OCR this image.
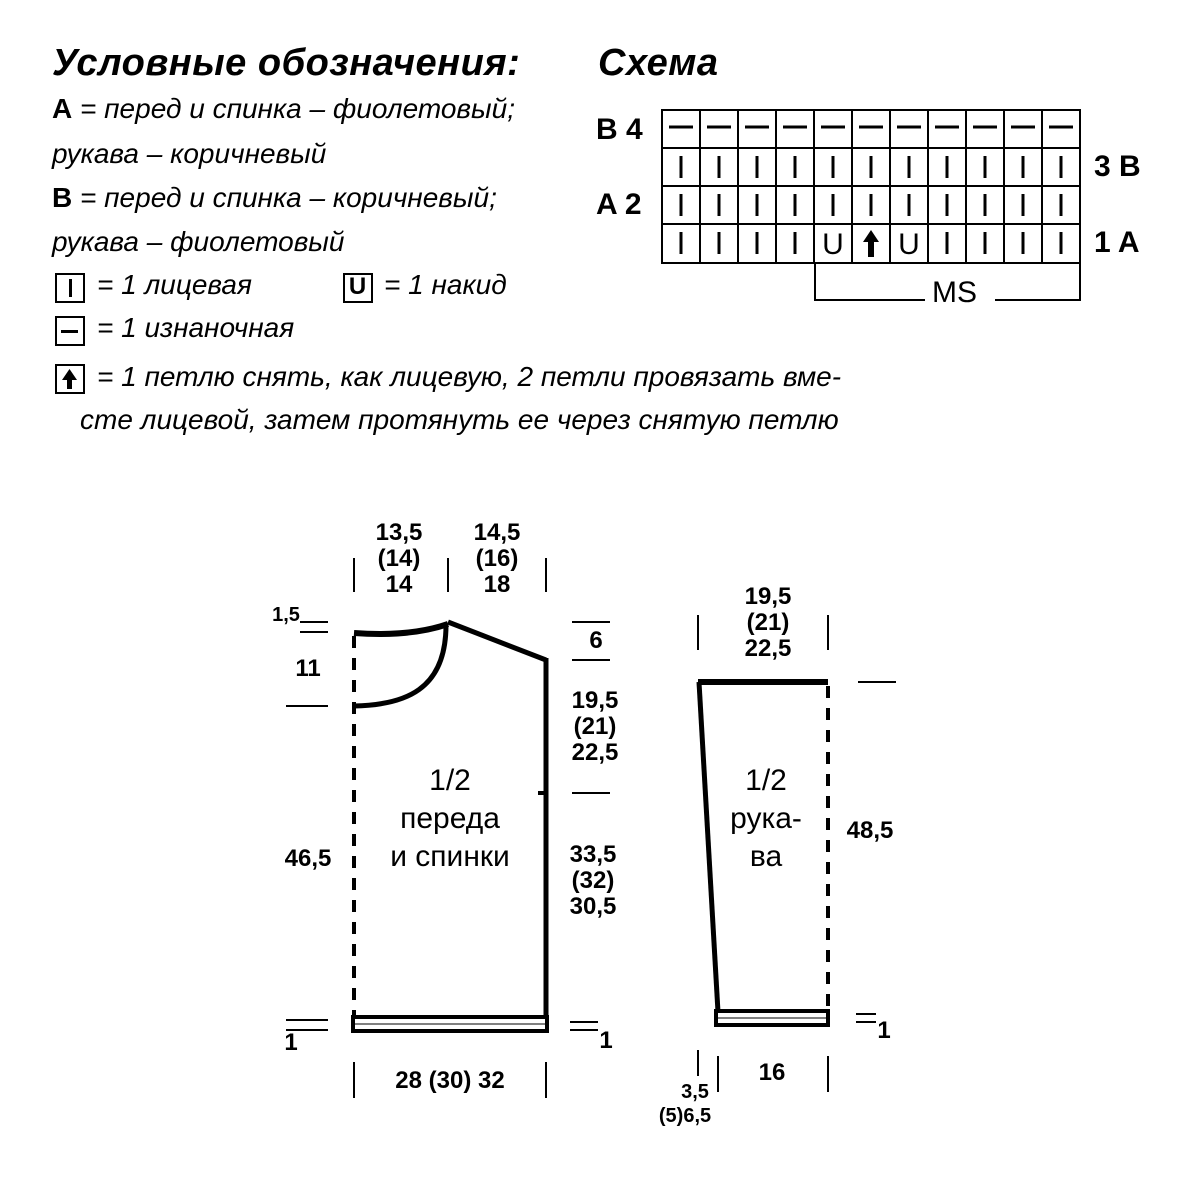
Условные обозначения:
A = перед и спинка – фиолетовый;
рукава – коричневый
B = перед и спинка – коричневый;
рукава – фиолетовый
= 1 лицевая	U = 1 накид
= 1 изнаночная
= 1 петлю снять, как лицевую, 2 петли провязать вме-
сте лицевой, затем протянуть ее через снятую петлю
Схема
B 4
3 B
A 2
1 A
U U
MS
1/2
переда
и спинки
13,5
(14)
14
14,5
(16)
18
1,5
11
46,5
1
6
19,5
(21)
22,5
33,5
(32)
30,5
1
28 (30) 32
1/2
рука-
ва
19,5
(21)
22,5
48,5
1
16
3,5
(5)6,5
